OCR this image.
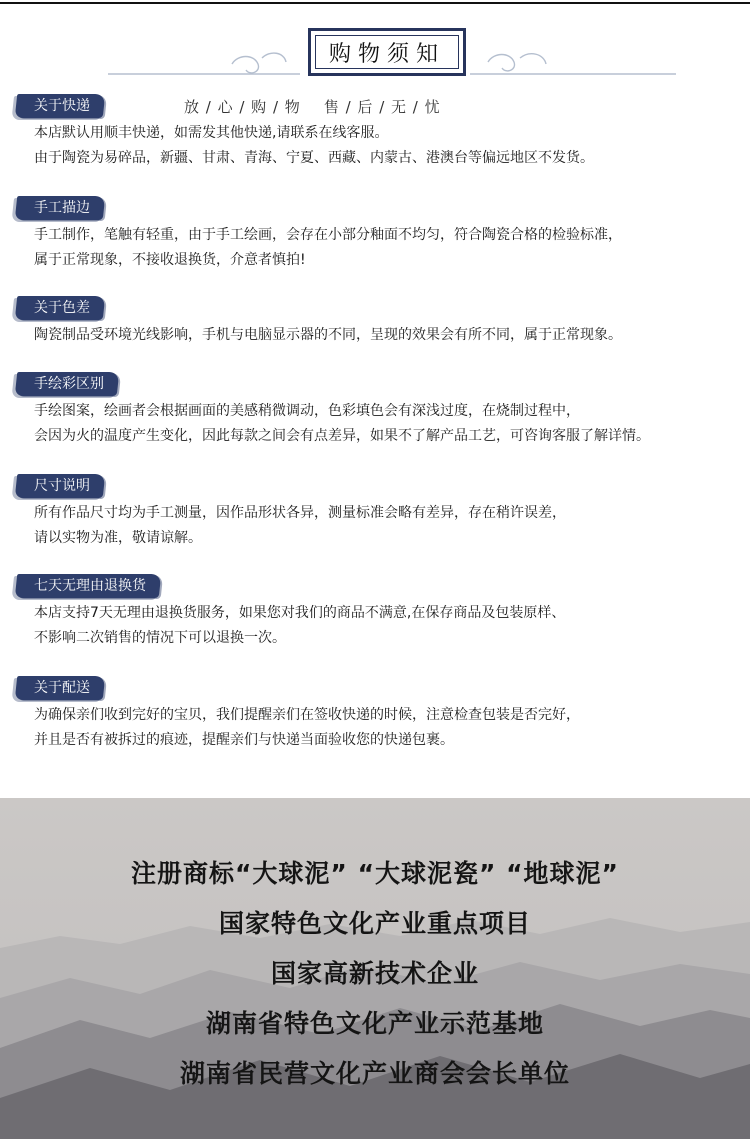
购物须知
关于快递	放 / 心 / 购 / 物    售 / 后 / 无 / 忧
本店默认用顺丰快递，如需发其他快递,请联系在线客服。
由于陶瓷为易碎品，新疆、甘肃、青海、宁夏、西藏、内蒙古、港澳台等偏远地区不发货。
手工描边
手工制作，笔触有轻重，由于手工绘画，会存在小部分釉面不均匀，符合陶瓷合格的检验标准，
属于正常现象，不接收退换货，介意者慎拍!
关于色差
陶瓷制品受环境光线影响，手机与电脑显示器的不同，呈现的效果会有所不同，属于正常现象。
手绘彩区别
手绘图案，绘画者会根据画面的美感稍微调动，色彩填色会有深浅过度，在烧制过程中，
会因为火的温度产生变化，因此每款之间会有点差异，如果不了解产品工艺，可咨询客服了解详情。
尺寸说明
所有作品尺寸均为手工测量，因作品形状各异，测量标准会略有差异，存在稍许误差，
请以实物为准，敬请谅解。
七天无理由退换货
本店支持7天无理由退换货服务，如果您对我们的商品不满意,在保存商品及包装原样、
不影响二次销售的情况下可以退换一次。
关于配送
为确保亲们收到完好的宝贝，我们提醒亲们在签收快递的时候，注意检查包装是否完好，
并且是否有被拆过的痕迹，提醒亲们与快递当面验收您的快递包裹。
注册商标“大球泥” “大球泥瓷” “地球泥”
国家特色文化产业重点项目
国家高新技术企业
湖南省特色文化产业示范基地
湖南省民营文化产业商会会长单位
